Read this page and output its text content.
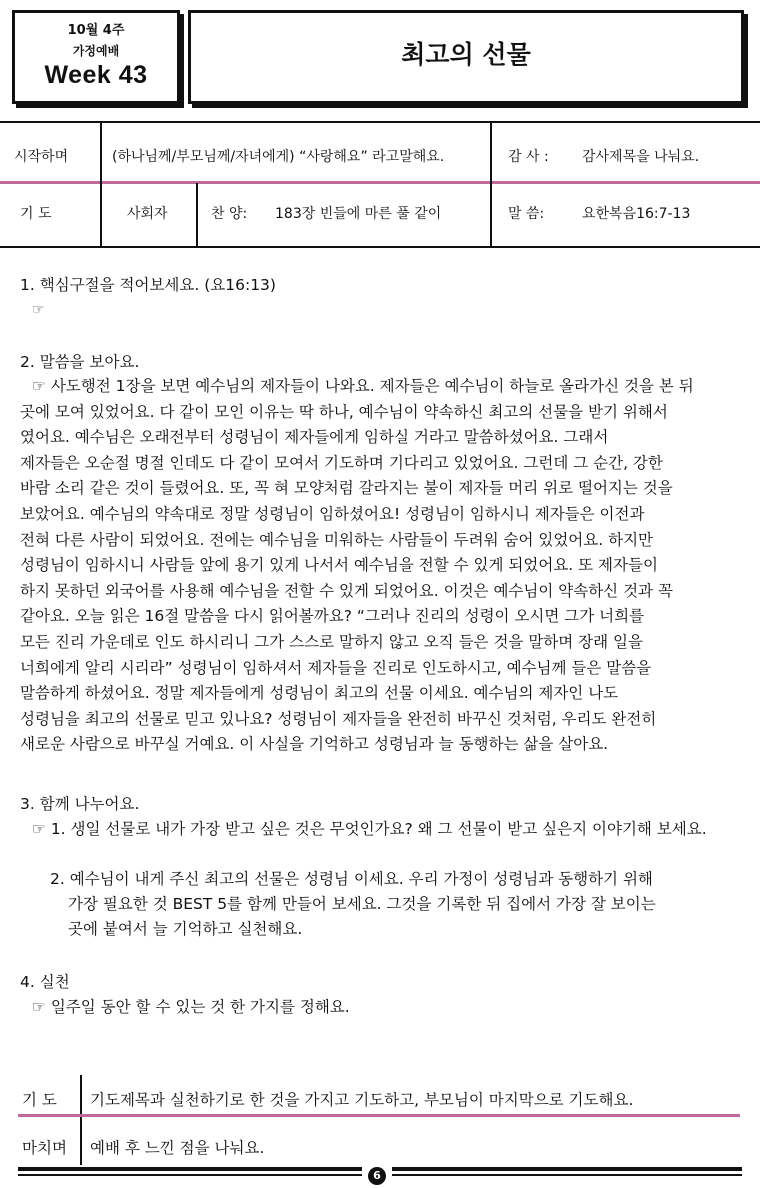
10월 4주
가정예배
Week 43
최고의 선물
시작하며	(하나님께/부모님께/자녀에게) “사랑해요” 라고말해요.	감 사 : 감사제목을 나눠요.
기 도	사회자	찬 양: 183장 빈들에 마른 풀 같이	말 씀:	요한복음16:7-13
1. 핵심구절을 적어보세요. (요16:13)
☞
2. 말씀을 보아요.
☞ 사도행전 1장을 보면 예수님의 제자들이 나와요. 제자들은 예수님이 하늘로 올라가신 것을 본 뒤
곳에 모여 있었어요. 다 같이 모인 이유는 딱 하나, 예수님이 약속하신 최고의 선물을 받기 위해서
였어요. 예수님은 오래전부터 성령님이 제자들에게 임하실 거라고 말씀하셨어요. 그래서
제자들은 오순절 명절 인데도 다 같이 모여서 기도하며 기다리고 있었어요. 그런데 그 순간, 강한
바람 소리 같은 것이 들렸어요. 또, 꼭 혀 모양처럼 갈라지는 불이 제자들 머리 위로 떨어지는 것을
보았어요. 예수님의 약속대로 정말 성령님이 임하셨어요! 성령님이 임하시니 제자들은 이전과
전혀 다른 사람이 되었어요. 전에는 예수님을 미워하는 사람들이 두려워 숨어 있었어요. 하지만
성령님이 임하시니 사람들 앞에 용기 있게 나서서 예수님을 전할 수 있게 되었어요. 또 제자들이
하지 못하던 외국어를 사용해 예수님을 전할 수 있게 되었어요. 이것은 예수님이 약속하신 것과 꼭
같아요. 오늘 읽은 16절 말씀을 다시 읽어볼까요? “그러나 진리의 성령이 오시면 그가 너희를
모든 진리 가운데로 인도 하시리니 그가 스스로 말하지 않고 오직 들은 것을 말하며 장래 일을
너희에게 알리 시리라” 성령님이 임하셔서 제자들을 진리로 인도하시고, 예수님께 들은 말씀을
말씀하게 하셨어요. 정말 제자들에게 성령님이 최고의 선물 이세요. 예수님의 제자인 나도
성령님을 최고의 선물로 믿고 있나요? 성령님이 제자들을 완전히 바꾸신 것처럼, 우리도 완전히
새로운 사람으로 바꾸실 거예요. 이 사실을 기억하고 성령님과 늘 동행하는 삶을 살아요.
3. 함께 나누어요.
☞ 1. 생일 선물로 내가 가장 받고 싶은 것은 무엇인가요? 왜 그 선물이 받고 싶은지 이야기해 보세요.
2. 예수님이 내게 주신 최고의 선물은 성령님 이세요. 우리 가정이 성령님과 동행하기 위해
가장 필요한 것 BEST 5를 함께 만들어 보세요. 그것을 기록한 뒤 집에서 가장 잘 보이는
곳에 붙여서 늘 기억하고 실천해요.
4. 실천
☞ 일주일 동안 할 수 있는 것 한 가지를 정해요.
기 도 기도제목과 실천하기로 한 것을 가지고 기도하고, 부모님이 마지막으로 기도해요.
마치며 예배 후 느낀 점을 나눠요.
6
